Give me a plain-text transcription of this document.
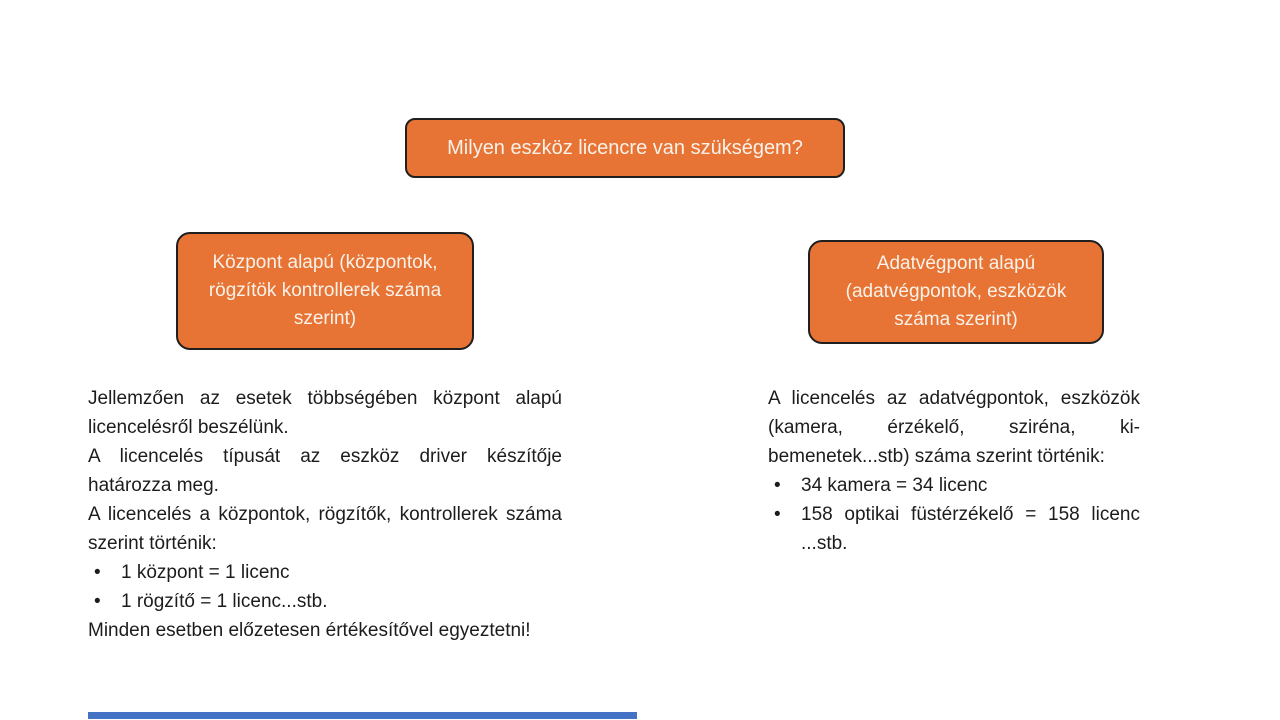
Milyen eszköz licencre van szükségem?
Központ alapú (központok, rögzítök kontrollerek száma szerint)
Adatvégpont alapú (adatvégpontok, eszközök száma szerint)

Jellemzően az esetek többségében központ alapú licencelésről beszélünk.

A licencelés típusát az eszköz driver készítője határozza meg.

A licencelés a központok, rögzítők, kontrollerek száma szerint történik:

• 1 központ = 1 licenc
• 1 rögzítő = 1 licenc...stb.

Minden esetben előzetesen értékesítővel egyeztetni!

A licencelés az adatvégpontok, eszközök (kamera, érzékelő, sziréna, ki-bemenetek...stb) száma szerint történik:

• 34 kamera = 34 licenc
• 158 optikai füstérzékelő = 158 licenc ...stb.
